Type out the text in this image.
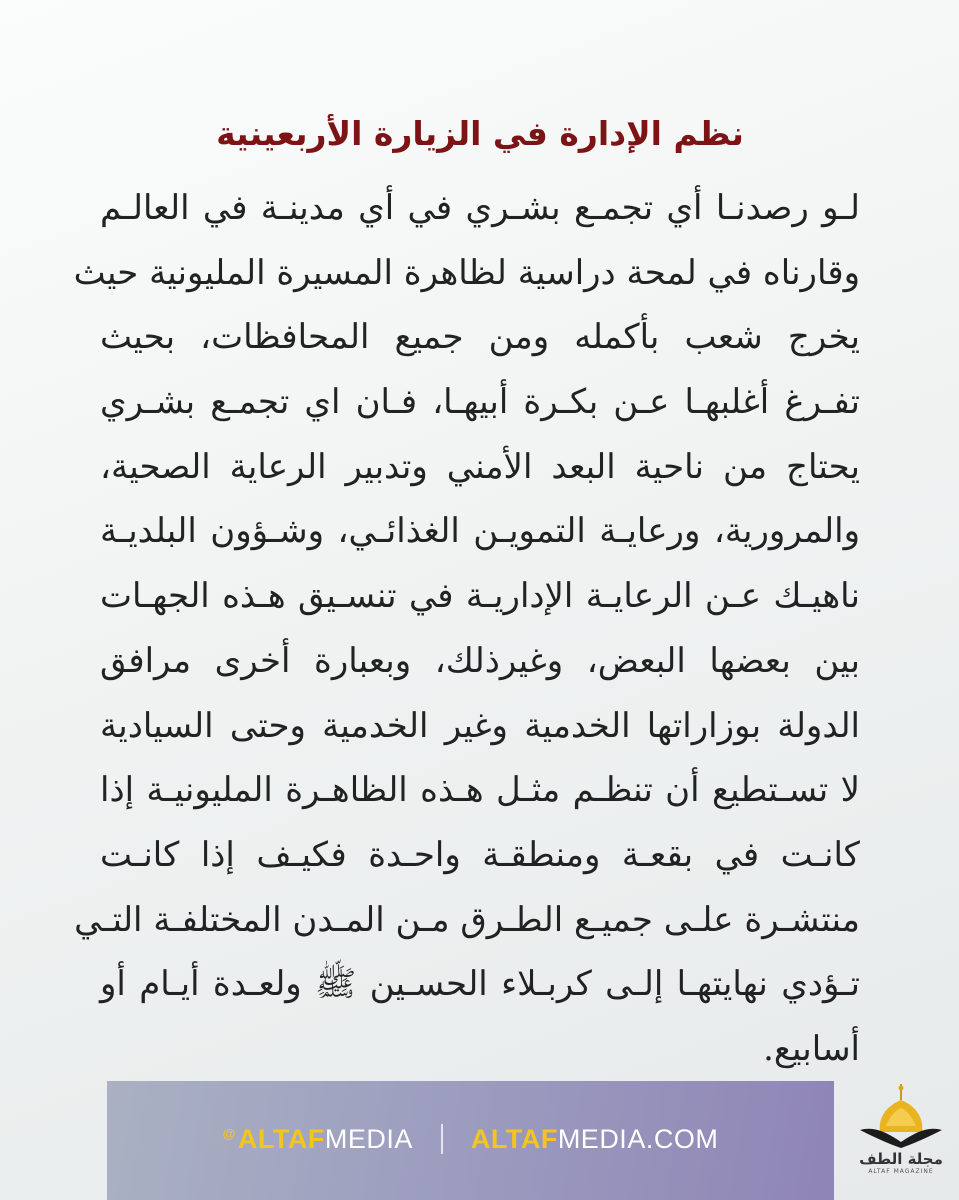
نظم الإدارة في الزيارة الأربعينية
لـو رصدنـا أي تجمـع بشـري في أي مدينـة في العالـم
وقارناه في لمحة دراسية لظاهرة المسيرة المليونية حيث
يخرج شعب بأكمله ومن جميع المحافظات، بحيث
تفـرغ أغلبهـا عـن بكـرة أبيهـا، فـان اي تجمـع بشـري
يحتاج من ناحية البعد الأمني وتدبير الرعاية الصحية،
والمرورية، ورعايـة التمويـن الغذائـي، وشـؤون البلديـة
ناهيـك عـن الرعايـة الإداريـة في تنسـيق هـذه الجهـات
بين بعضها البعض، وغيرذلك، وبعبارة أخرى مرافق
الدولة بوزاراتها الخدمية وغير الخدمية وحتى السيادية
لا تسـتطيع أن تنظـم مثـل هـذه الظاهـرة المليونيـة إذا
كانـت في بقعـة ومنطقـة واحـدة فكيـف إذا كانـت
منتشـرة علـى جميـع الطـرق مـن المـدن المختلفـة التـي
تـؤدي نهايتهـا إلـى كربـلاء الحسـين ﷺ ولعـدة أيـام أو
أسابيع.
@ ALTAF MEDIA ALTAFMEDIA.COM
مجلة الطف
ALTAF MAGAZINE
